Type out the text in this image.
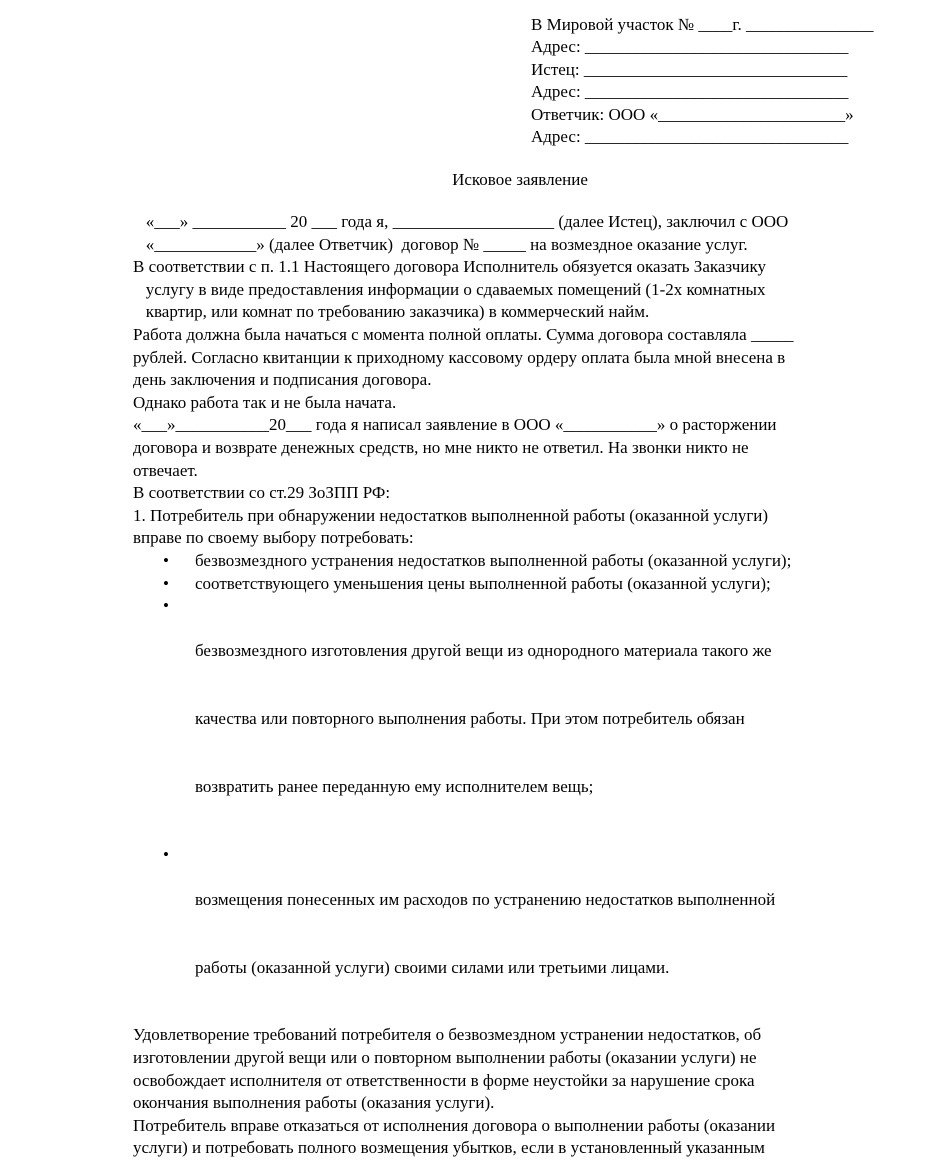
В Мировой участок № ____г. _______________
Адрес: _______________________________
Истец: _______________________________
Адрес: _______________________________
Ответчик: ООО «______________________»
Адрес: _______________________________
Исковое заявление
«___» ___________ 20 ___ года я, ___________________ (далее Истец), заключил с ООО
«____________» (далее Ответчик)  договор № _____ на возмездное оказание услуг.
В соответствии с п. 1.1 Настоящего договора Исполнитель обязуется оказать Заказчику
услугу в виде предоставления информации о сдаваемых помещений (1-2х комнатных
квартир, или комнат по требованию заказчика) в коммерческий найм.
Работа должна была начаться с момента полной оплаты. Сумма договора составляла _____
рублей. Согласно квитанции к приходному кассовому ордеру оплата была мной внесена в
день заключения и подписания договора.
Однако работа так и не была начата.
«___»___________20___ года я написал заявление в ООО «___________» о расторжении
договора и возврате денежных средств, но мне никто не ответил. На звонки никто не
отвечает.
В соответствии со ст.29 ЗоЗПП РФ:
1. Потребитель при обнаружении недостатков выполненной работы (оказанной услуги)
вправе по своему выбору потребовать:
•	безвозмездного устранения недостатков выполненной работы (оказанной услуги);
•	соответствующего уменьшения цены выполненной работы (оказанной услуги);
•

безвозмездного изготовления другой вещи из однородного материала такого же

качества или повторного выполнения работы. При этом потребитель обязан

возвратить ранее переданную ему исполнителем вещь;

•

возмещения понесенных им расходов по устранению недостатков выполненной

работы (оказанной услуги) своими силами или третьими лицами.

Удовлетворение требований потребителя о безвозмездном устранении недостатков, об
изготовлении другой вещи или о повторном выполнении работы (оказании услуги) не
освобождает исполнителя от ответственности в форме неустойки за нарушение срока
окончания выполнения работы (оказания услуги).
Потребитель вправе отказаться от исполнения договора о выполнении работы (оказании
услуги) и потребовать полного возмещения убытков, если в установленный указанным
